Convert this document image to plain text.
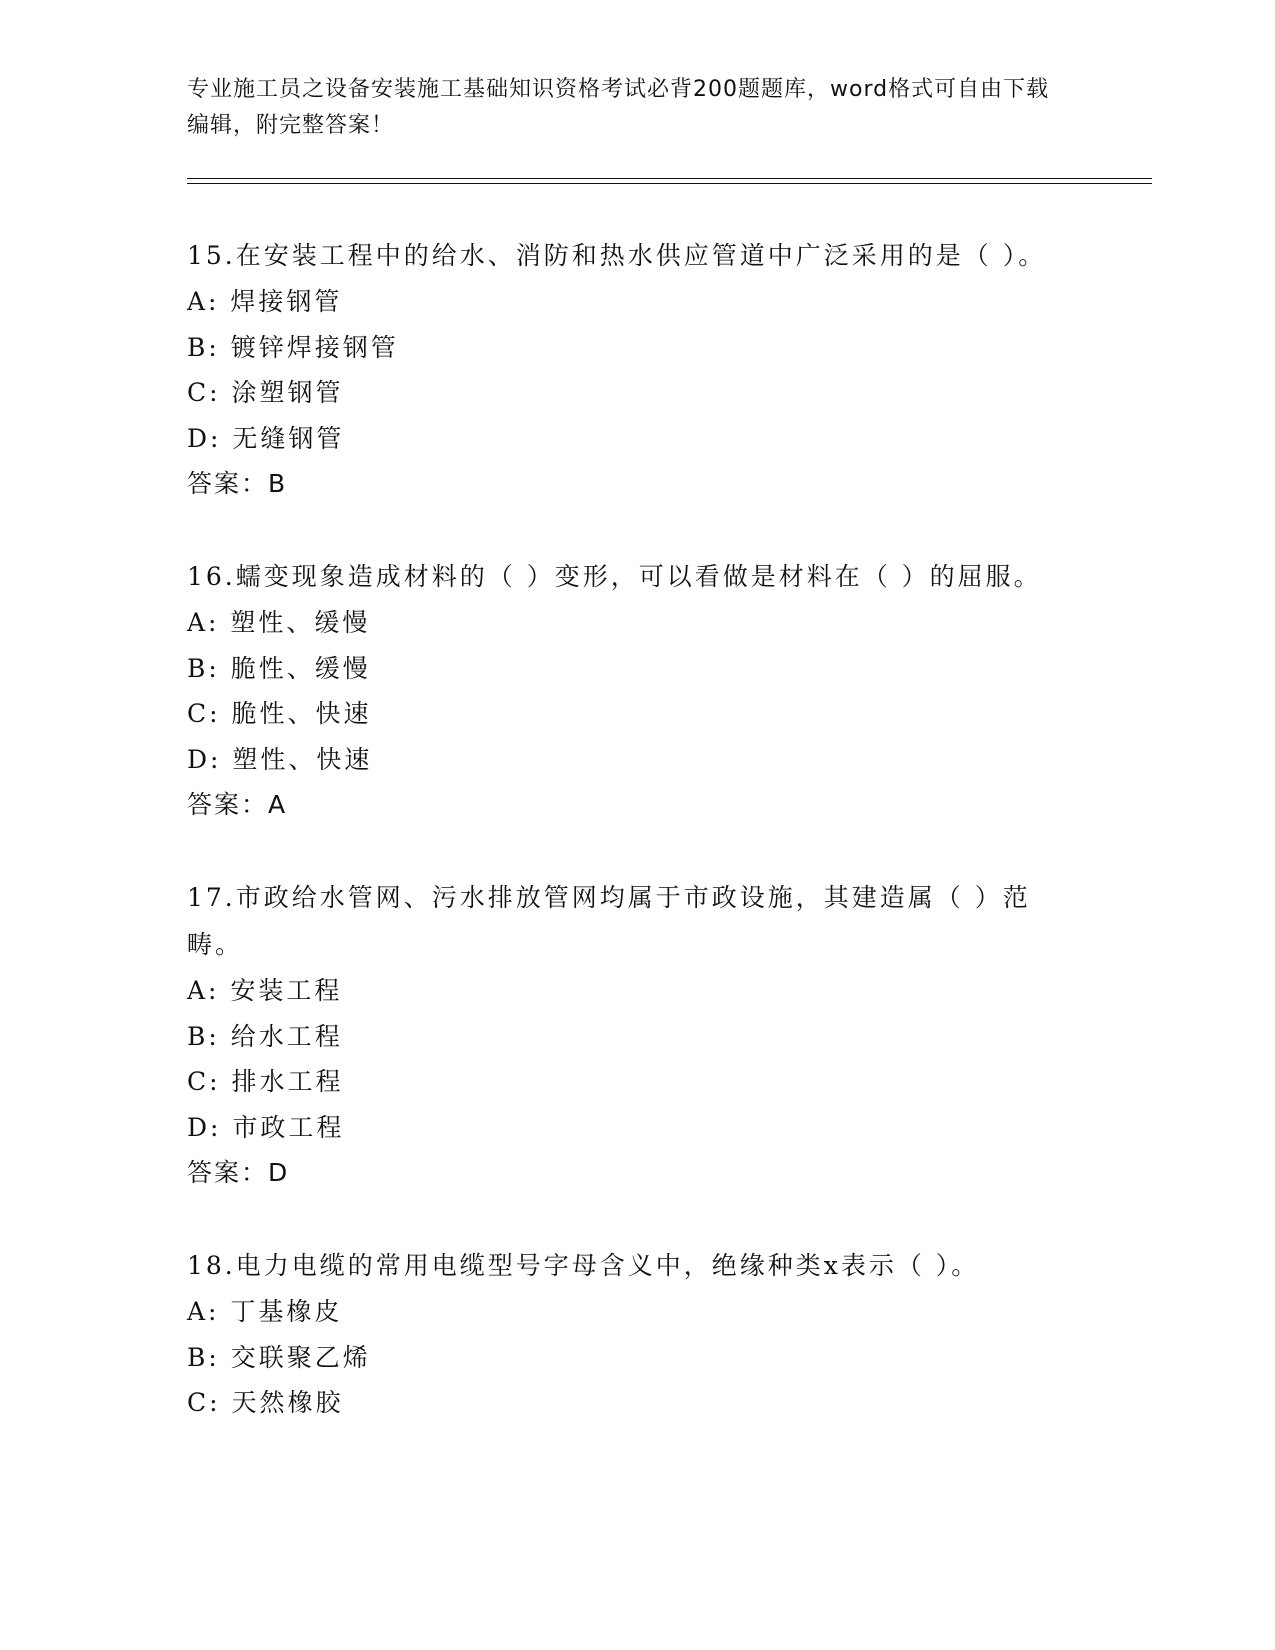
专业施工员之设备安装施工基础知识资格考试必背200题题库，word格式可自由下载编辑，附完整答案！
15.在安装工程中的给水、消防和热水供应管道中广泛采用的是（ ）。
A: 焊接钢管
B: 镀锌焊接钢管
C: 涂塑钢管
D: 无缝钢管
答案：B
16.蠕变现象造成材料的（ ）变形，可以看做是材料在（ ）的屈服。
A: 塑性、缓慢
B: 脆性、缓慢
C: 脆性、快速
D: 塑性、快速
答案：A
17.市政给水管网、污水排放管网均属于市政设施，其建造属（ ）范畴。
A: 安装工程
B: 给水工程
C: 排水工程
D: 市政工程
答案：D
18.电力电缆的常用电缆型号字母含义中，绝缘种类x表示（ ）。
A: 丁基橡皮
B: 交联聚乙烯
C: 天然橡胶
